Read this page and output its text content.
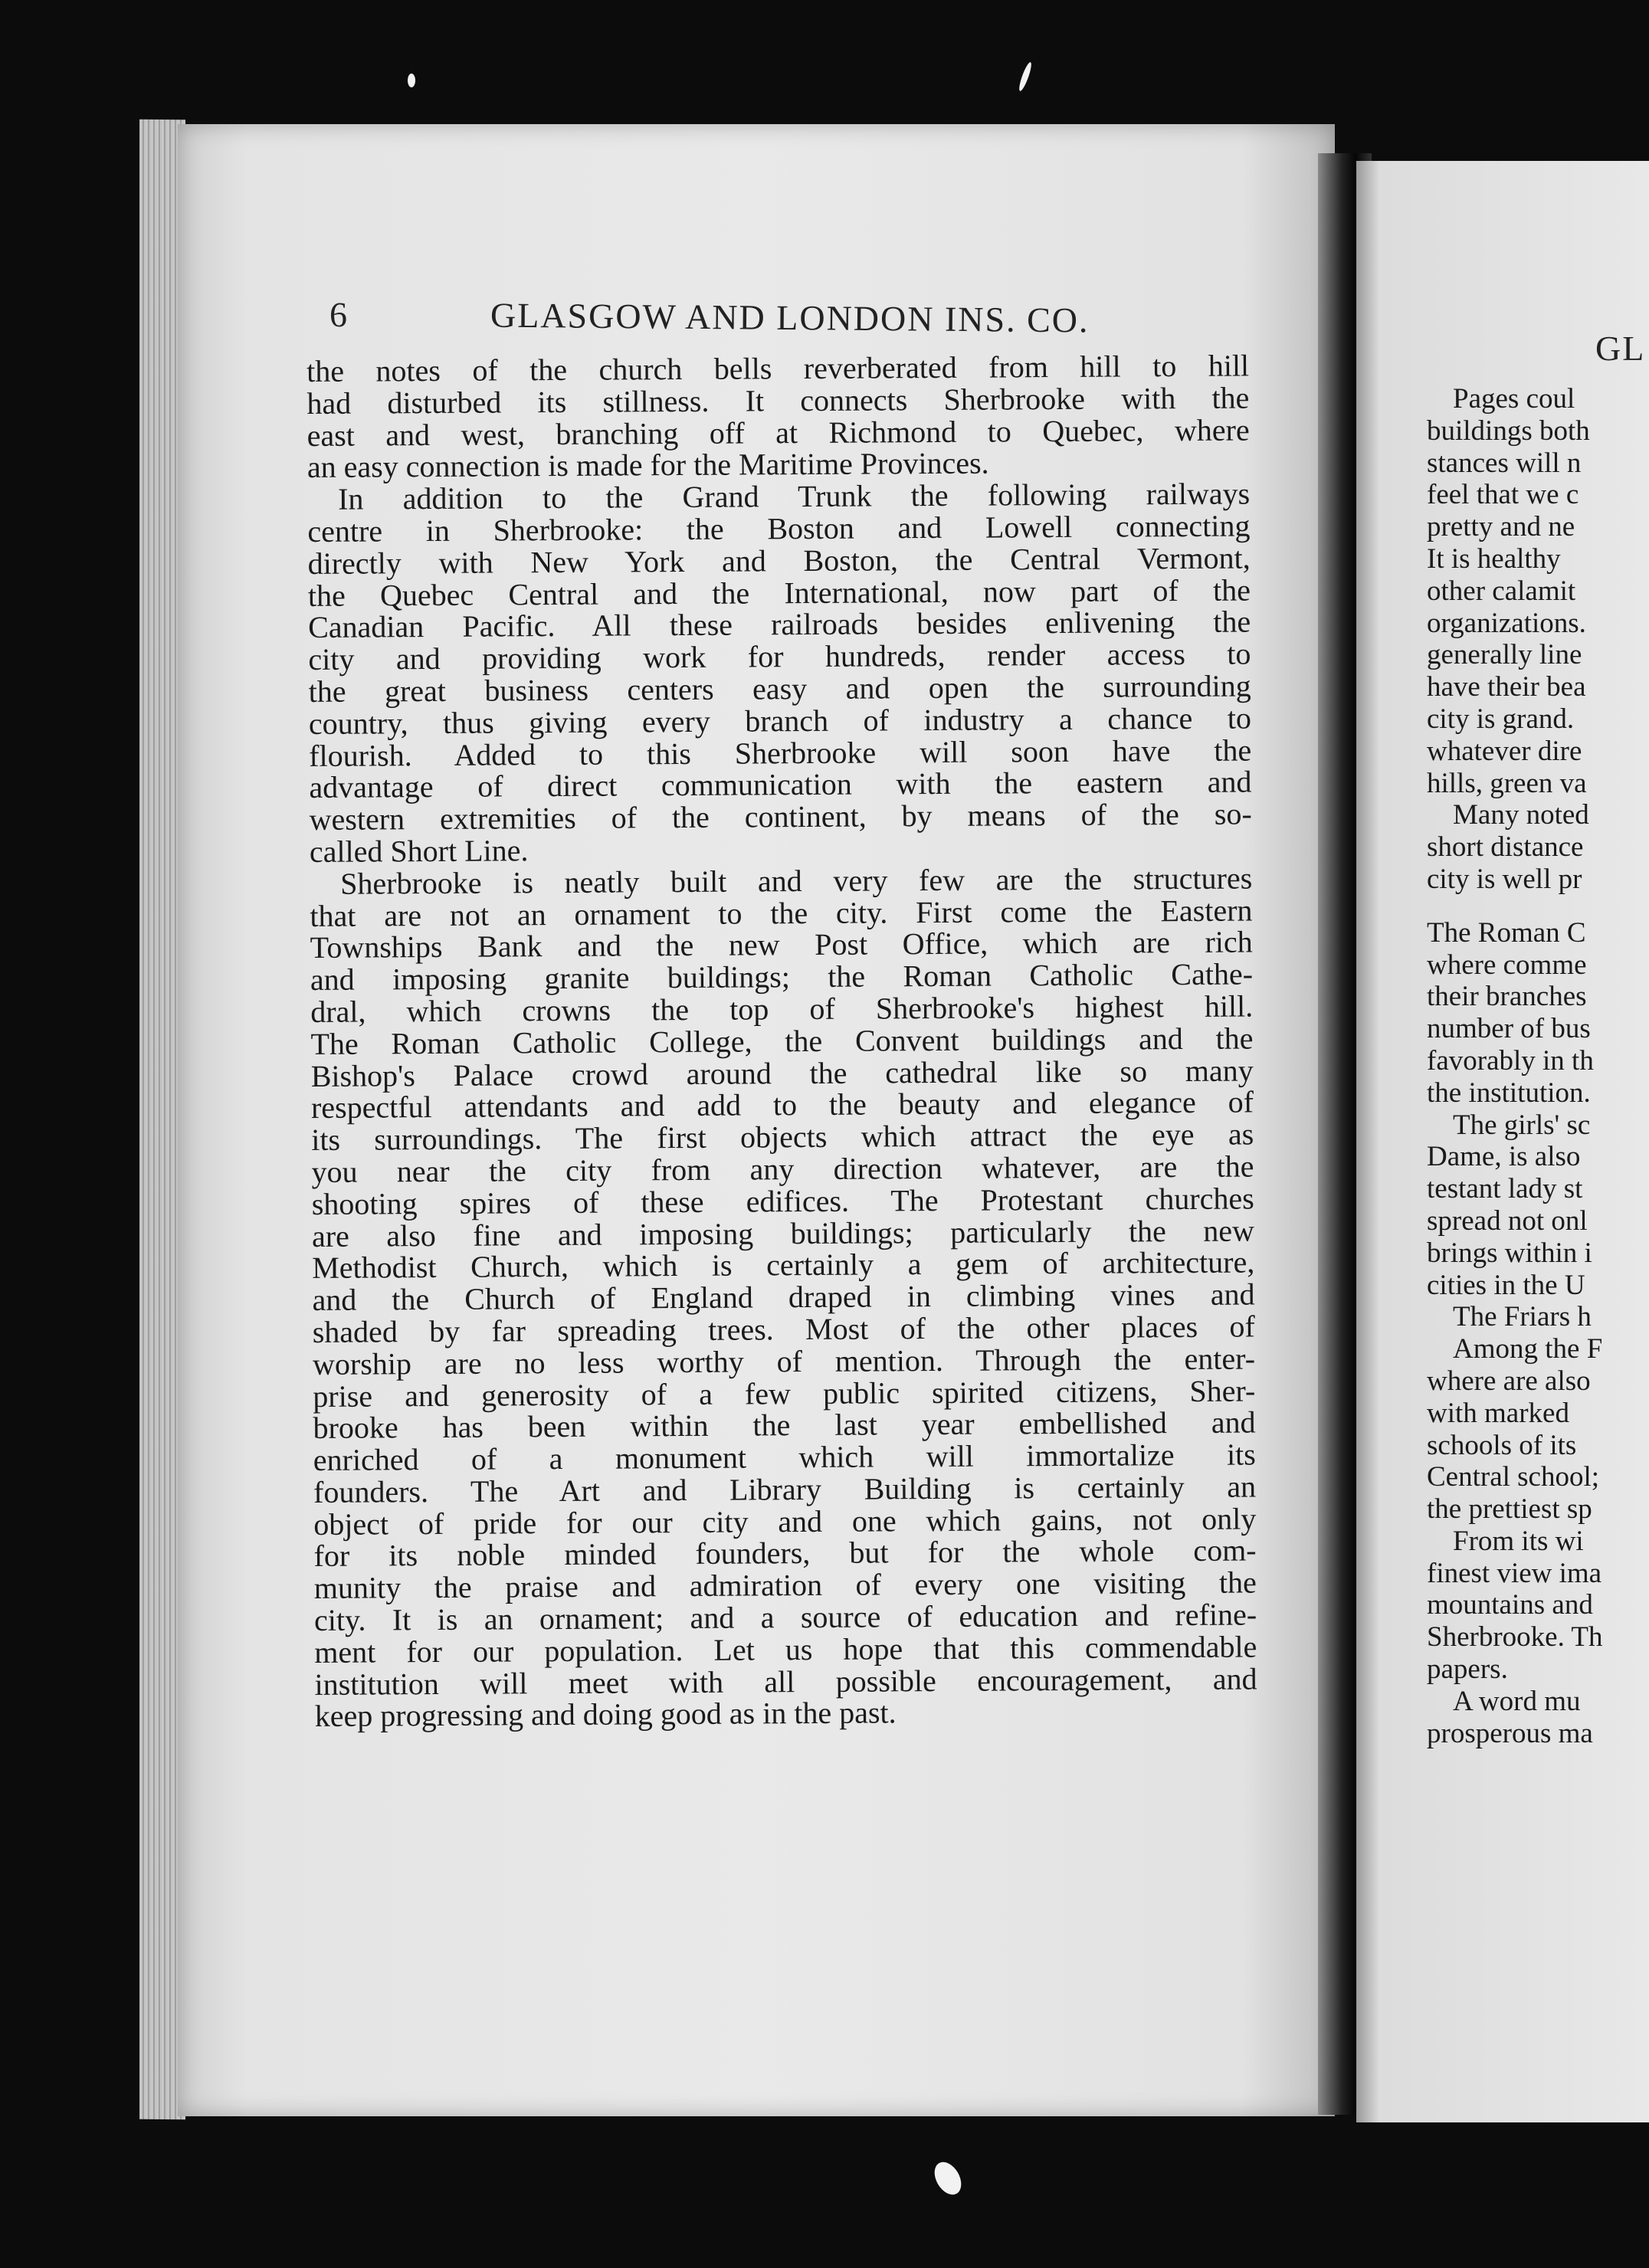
6	GLASGOW AND LONDON INS. CO.
the notes of the church bells reverberated from hill to hill
had disturbed its stillness. It connects Sherbrooke with the
east and west, branching off at Richmond to Quebec, where
an easy connection is made for the Maritime Provinces.
In addition to the Grand Trunk the following railways
centre in Sherbrooke: the Boston and Lowell connecting
directly with New York and Boston, the Central Vermont,
the Quebec Central and the International, now part of the
Canadian Pacific. All these railroads besides enlivening the
city and providing work for hundreds, render access to
the great business centers easy and open the surrounding
country, thus giving every branch of industry a chance to
flourish. Added to this Sherbrooke will soon have the
advantage of direct communication with the eastern and
western extremities of the continent, by means of the so-
called Short Line.
Sherbrooke is neatly built and very few are the structures
that are not an ornament to the city. First come the Eastern
Townships Bank and the new Post Office, which are rich
and imposing granite buildings; the Roman Catholic Cathe-
dral, which crowns the top of Sherbrooke's highest hill.
The Roman Catholic College, the Convent buildings and the
Bishop's Palace crowd around the cathedral like so many
respectful attendants and add to the beauty and elegance of
its surroundings. The first objects which attract the eye as
you near the city from any direction whatever, are the
shooting spires of these edifices. The Protestant churches
are also fine and imposing buildings; particularly the new
Methodist Church, which is certainly a gem of architecture,
and the Church of England draped in climbing vines and
shaded by far spreading trees. Most of the other places of
worship are no less worthy of mention. Through the enter-
prise and generosity of a few public spirited citizens, Sher-
brooke has been within the last year embellished and
enriched of a monument which will immortalize its
founders. The Art and Library Building is certainly an
object of pride for our city and one which gains, not only
for its noble minded founders, but for the whole com-
munity the praise and admiration of every one visiting the
city. It is an ornament; and a source of education and refine-
ment for our population. Let us hope that this commendable
institution will meet with all possible encouragement, and
keep progressing and doing good as in the past.
GL
Pages coul
buildings both
stances will n
feel that we c
pretty and ne
It is healthy
other calamit
organizations.
generally line
have their bea
city is grand.
whatever dire
hills, green va
Many noted
short distance
city is well pr
The Roman C
where comme
their branches
number of bus
favorably in th
the institution.
The girls' sc
Dame, is also
testant lady st
spread not onl
brings within i
cities in the U
The Friars h
Among the F
where are also
with marked
schools of its
Central school;
the prettiest sp
From its wi
finest view ima
mountains and
Sherbrooke. Th
papers.
A word mu
prosperous ma
